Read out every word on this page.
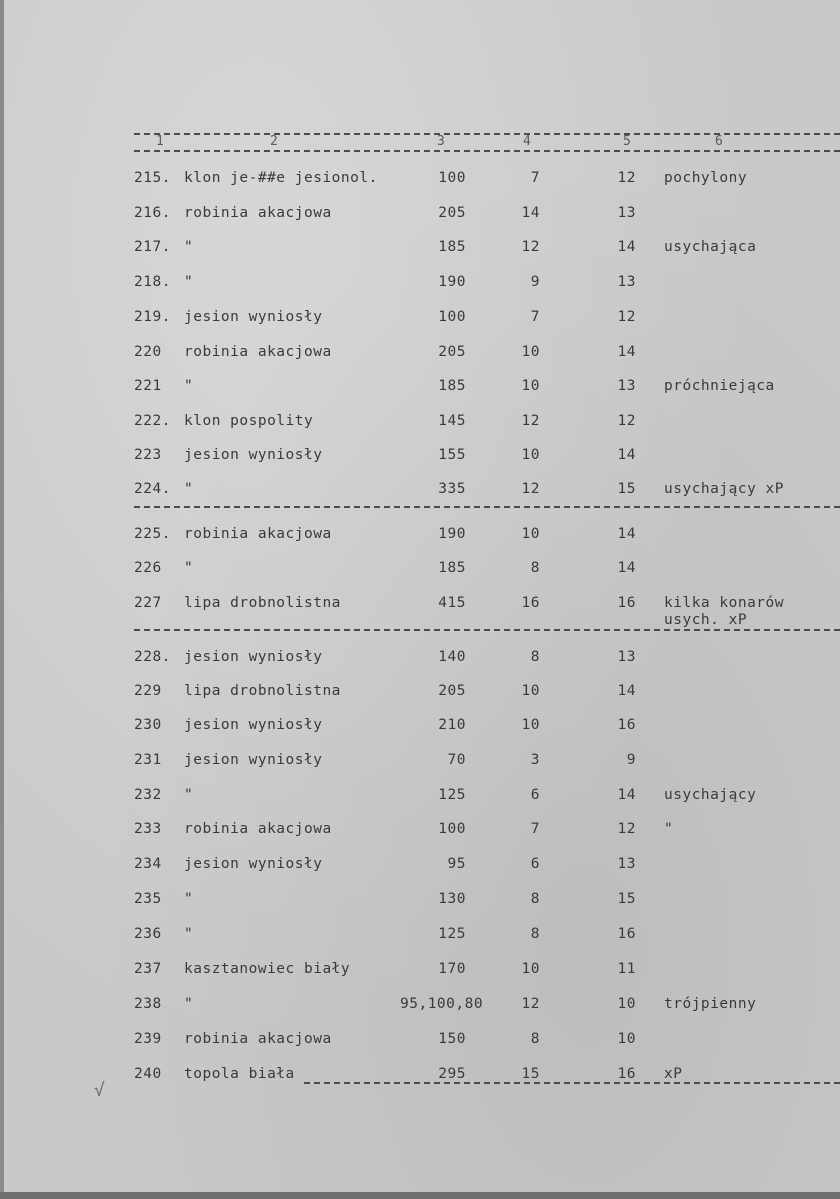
1	2	3	4	5	6
215. klon je-##e jesionol.	100	7	12 pochylony
216. robinia akacjowa	205	14	13
217. "	185	12	14 usychająca
218. "	190	9	13
219. jesion wyniosły	100	7	12
220 robinia akacjowa	205	10	14
221 "	185	10	13 próchniejąca
222. klon pospolity	145	12	12
223 jesion wyniosły	155	10	14
224. "	335	12	15 usychający xP
225. robinia akacjowa	190	10	14
226 "	185	8	14
227 lipa drobnolistna	415	16	16 kilka konarów
usych. xP
228. jesion wyniosły	140	8	13
229 lipa drobnolistna	205	10	14
230 jesion wyniosły	210	10	16
231 jesion wyniosły	70	3	9
232 "	125	6	14 usychający
233 robinia akacjowa	100	7	12 "
234 jesion wyniosły	95	6	13
235 "	130	8	15
236 "	125	8	16
237 kasztanowiec biały	170	10	11
238 "	95,100,80	12	10 trójpienny
239 robinia akacjowa	150	8	10
240 topola biała	295	15	16 xP
√
